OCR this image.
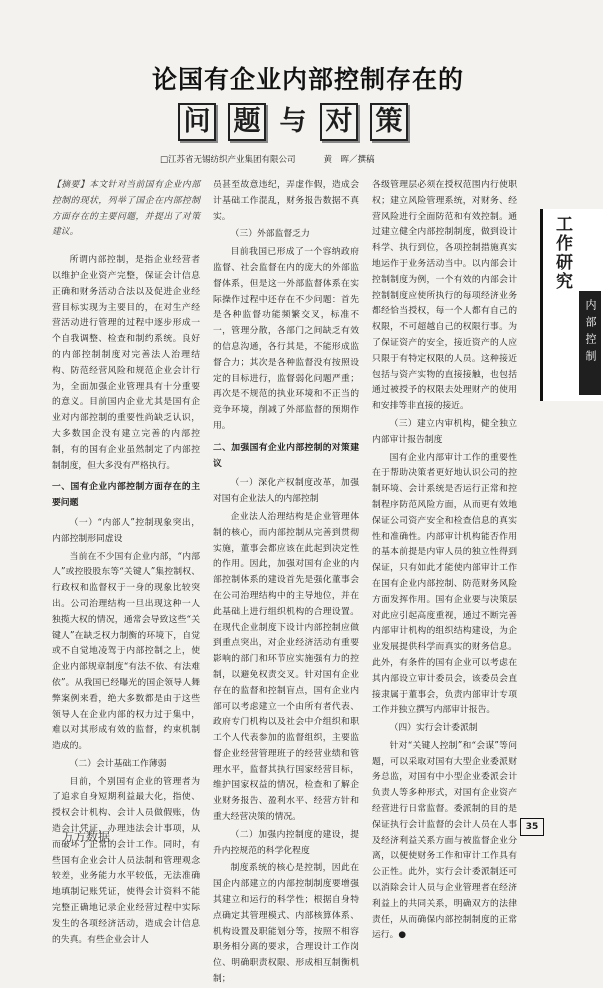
论国有企业内部控制存在的
问 题 与 对 策
□江苏省无锡纺织产业集团有限公司	黄　晖／撰稿

【摘要】本文针对当前国有企业内部控制的现状，列举了国企在内部控制方面存在的主要问题，并提出了对策建议。

所谓内部控制，是指企业经营者以维护企业资产完整，保证会计信息正确和财务活动合法以及促进企业经营目标实现为主要目的，在对生产经营活动进行管理的过程中逐步形成一个自我调整、检查和制约系统。良好的内部控制制度对完善法人治理结构、防范经营风险和规范企业会计行为，全面加强企业管理具有十分重要的意义。目前国内企业尤其是国有企业对内部控制的重要性尚缺乏认识，大多数国企没有建立完善的内部控制，有的国有企业虽然制定了内部控制制度，但大多没有严格执行。

一、国有企业内部控制方面存在的主要问题

（一）“内部人”控制现象突出，内部控制形同虚设

当前在不少国有企业内部，“内部人”或控股股东等“关键人”集控制权、行政权和监督权于一身的现象比较突出。公司治理结构一旦出现这种一人独揽大权的情况，通常会导致这些“关键人”在缺乏权力制衡的环境下，自觉或不自觉地凌驾于内部控制之上，使企业内部规章制度“有法不依、有法难依”。从我国已经曝光的国企领导人舞弊案例来看，绝大多数都是由于这些领导人在企业内部的权力过于集中，难以对其形成有效的监督，约束机制造成的。

（二）会计基础工作薄弱

目前，个别国有企业的管理者为了追求自身短期利益最大化，指使、授权会计机构、会计人员做假账，伪造会计凭证，办理违法会计事项，从而破坏了正常的会计工作。同时，有些国有企业会计人员法制和管理观念较差，业务能力水平较低，无法准确地填制记账凭证，使得会计资料不能完整正确地记录企业经营过程中实际发生的各项经济活动，造成会计信息的失真。有些企业会计人

员甚至故意违纪，弄虚作假，造成会计基础工作混乱，财务报告数据不真实。

（三）外部监督乏力

目前我国已形成了一个容纳政府监督、社会监督在内的庞大的外部监督体系，但是这一外部监督体系在实际操作过程中还存在不少问题：首先是各种监督功能频繁交叉，标准不一，管理分散，各部门之间缺乏有效的信息沟通，各行其是，不能形成监督合力；其次是各种监督没有按照设定的目标进行，监督弱化问题严重；再次是不规范的执业环境和不正当的竞争环境，削减了外部监督的预期作用。

二、加强国有企业内部控制的对策建议

（一）深化产权制度改革，加强对国有企业法人的内部控制

企业法人治理结构是企业管理体制的核心，而内部控制从完善到贯彻实施，董事会都应该在此起到决定性的作用。因此，加强对国有企业的内部控制体系的建设首先是强化董事会在公司治理结构中的主导地位，并在此基础上进行组织机构的合理设置。在现代企业制度下设计内部控制应做到重点突出，对企业经济活动有重要影响的部门和环节应实施强有力的控制，以避免权责交叉。针对国有企业存在的监督和控制盲点，国有企业内部可以考虑建立一个由所有者代表、政府专门机构以及社会中介组织和职工个人代表参加的监督组织，主要监督企业经营管理班子的经营业绩和管理水平，监督其执行国家经营目标，维护国家权益的情况，检查和了解企业财务报告、盈利水平、经营方针和重大经营决策的情况。

（二）加强内控制度的建设，提升内控规范的科学化程度

制度系统的核心是控制，因此在国企内部建立的内部控制制度要增强其建立和运行的科学性；根据自身特点确定其管理模式、内部核算体系、机构设置及职能划分等，按照不相容职务相分离的要求，合理设计工作岗位、明确职责权限、形成相互制衡机制；

各级管理层必须在授权范围内行使职权；建立风险管理系统，对财务、经营风险进行全面防范和有效控制。通过建立健全内部控制制度，做到设计科学、执行到位，各项控制措施真实地运作于业务活动当中。以内部会计控制制度为例，一个有效的内部会计控制制度应使所执行的每项经济业务都经恰当授权，每一个人都有自己的权限，不可超越自己的权限行事。为了保证资产的安全，接近资产的人应只限于有特定权限的人员。这种接近包括与资产实物的直接接触，也包括通过被授予的权限去处理财产的使用和安排等非直接的接近。

（三）建立内审机构，健全独立内部审计报告制度

国有企业内部审计工作的重要性在于帮助决策者更好地认识公司的控制环境、会计系统是否运行正常和控制程序防范风险方面，从而更有效地保证公司资产安全和检查信息的真实性和准确性。内部审计机构能否作用的基本前提是内审人员的独立性得到保证，只有如此才能使内部审计工作在国有企业内部控制、防范财务风险方面发挥作用。国有企业要与决策层对此应引起高度重视，通过不断完善内部审计机构的组织结构建设，为企业发展提供科学而真实的财务信息。此外，有条件的国有企业可以考虑在其内部设立审计委员会，该委员会直接隶属于董事会，负责内部审计专项工作并独立撰写内部审计报告。

（四）实行会计委派制

针对“关键人控制”和“会谋”等问题，可以采取对国有大型企业委派财务总监，对国有中小型企业委派会计负责人等多种形式，对国有企业资产经营进行日常监督。委派制的目的是保证执行会计监督的会计人员在人事及经济利益关系方面与被监督企业分离，以便使财务工作和审计工作具有公正性。此外，实行会计委派制还可以消除会计人员与企业管理者在经济利益上的共同关系，明确双方的法律责任，从而确保内部控制制度的正常运行。●

工作研究
内部控制
万方数据
35
